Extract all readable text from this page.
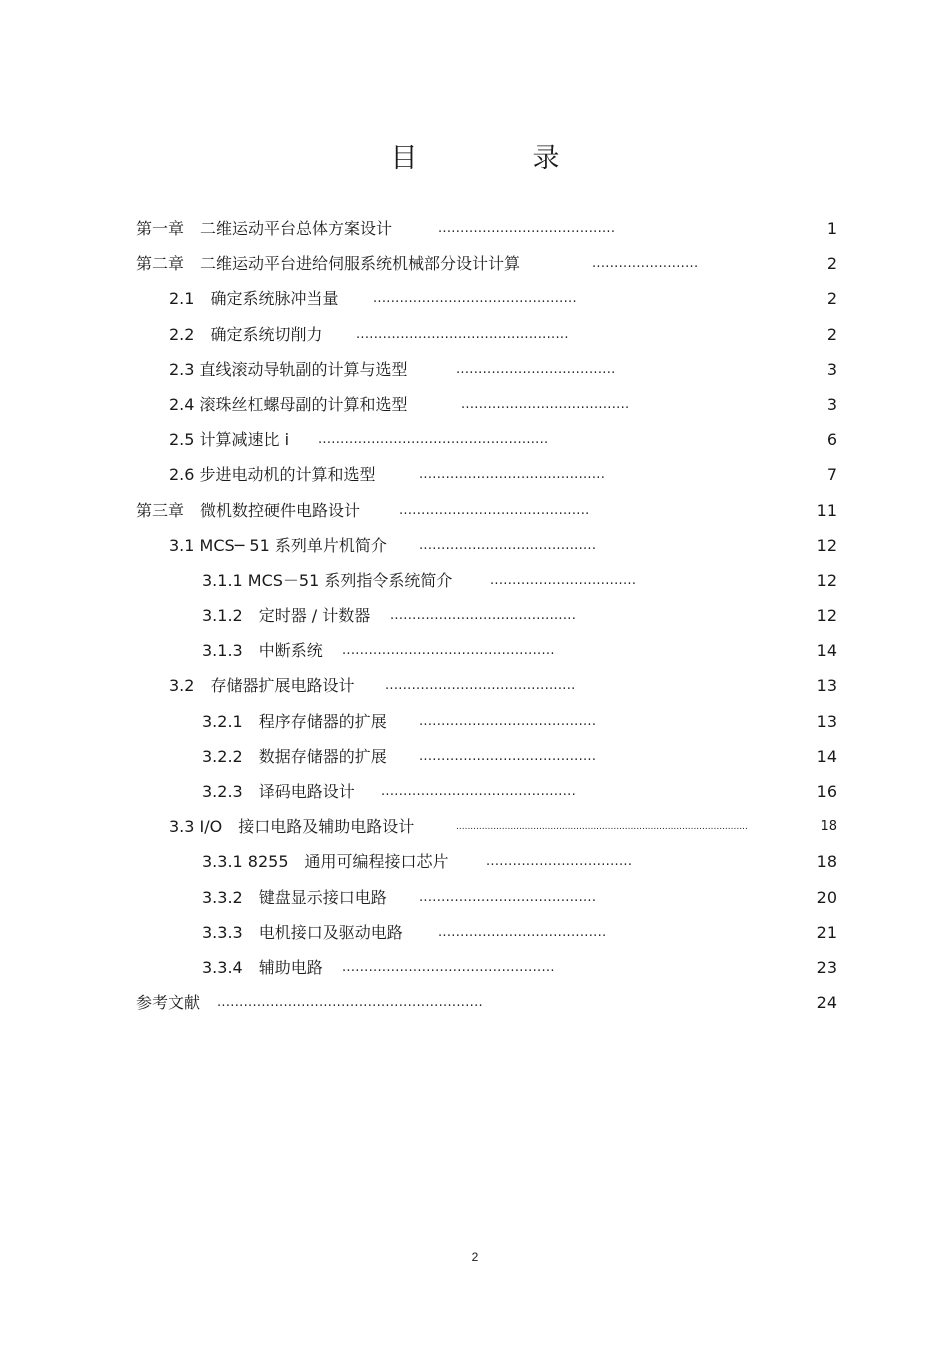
目　录
第一章　二维运动平台总体方案设计	........................................	1
第二章　二维运动平台进给伺服系统机械部分设计计算	........................	2
2.1　确定系统脉冲当量	..............................................	2
2.2　确定系统切削力	................................................	2
2.3 直线滚动导轨副的计算与选型	....................................	3
2.4 滚珠丝杠螺母副的计算和选型	......................................	3
2.5 计算减速比 i ....................................................	6
2.6 步进电动机的计算和选型	..........................................	7
第三章　微机数控硬件电路设计	...........................................	11
3.1 MCS─ 51 系列单片机简介 ........................................	12
3.1.1 MCS－51 系列指令系统简介	.................................	12
3.1.2　定时器 / 计数器 ..........................................	12
3.1.3　中断系统 ................................................	14
3.2　存储器扩展电路设计 ...........................................	13
3.2.1　程序存储器的扩展 ........................................	13
3.2.2　数据存储器的扩展 ........................................	14
3.2.3　译码电路设计 ............................................	16
3.3 I/O　接口电路及辅助电路设计	......................................................................................................	18
3.3.1 8255　通用可编程接口芯片	.................................	18
3.3.2　键盘显示接口电路 ........................................	20
3.3.3　电机接口及驱动电路	......................................	21
3.3.4　辅助电路 ................................................	23
参考文献 ............................................................	24
2
